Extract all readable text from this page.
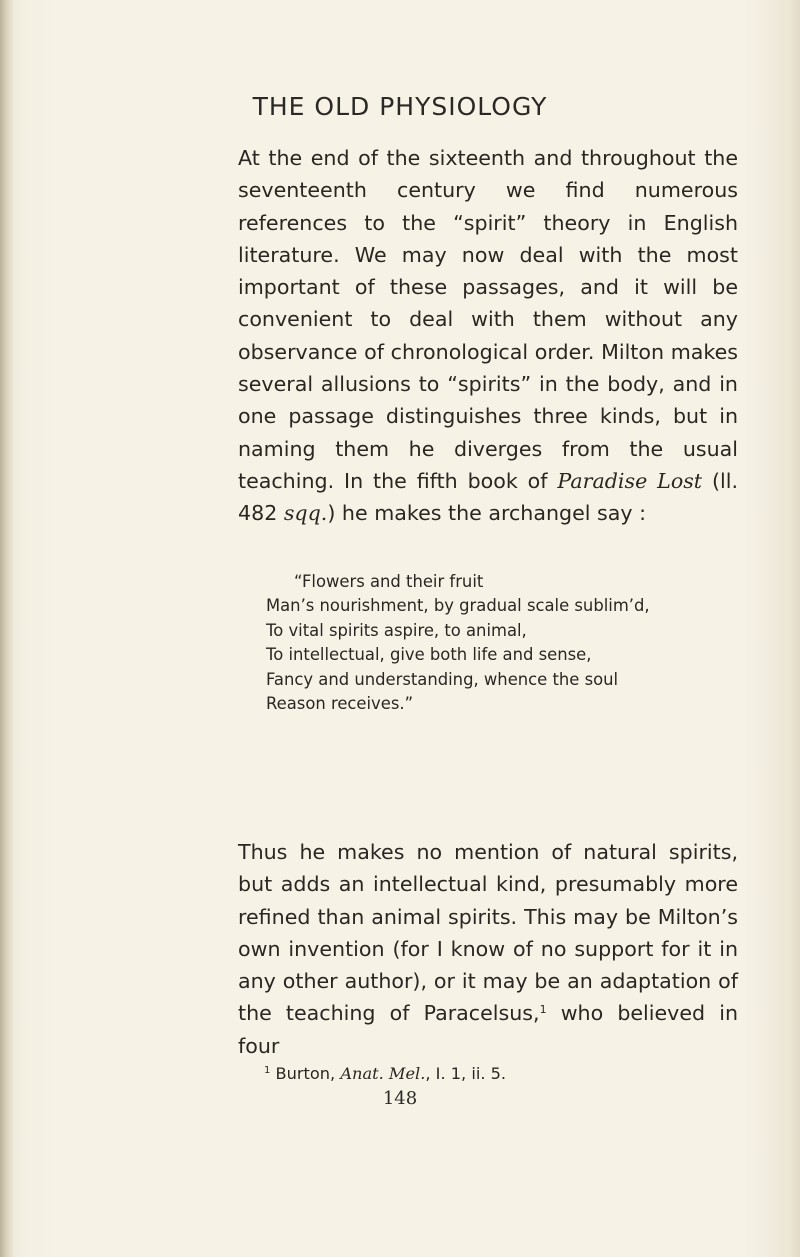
THE OLD PHYSIOLOGY

At the end of the sixteenth and throughout the seventeenth century we find numerous references to the “spirit” theory in English literature. We may now deal with the most important of these passages, and it will be convenient to deal with them without any observance of chronological order. Milton makes several allusions to “spirits” in the body, and in one passage distinguishes three kinds, but in naming them he diverges from the usual teaching. In the fifth book of Paradise Lost (ll. 482 sqq.) he makes the archangel say :

“Flowers and their fruit
Man’s nourishment, by gradual scale sublim’d,
To vital spirits aspire, to animal,
To intellectual, give both life and sense,
Fancy and understanding, whence the soul
Reason receives.”

Thus he makes no mention of natural spirits, but adds an intellectual kind, presumably more refined than animal spirits. This may be Milton’s own invention (for I know of no support for it in any other author), or it may be an adaptation of the teaching of Paracelsus,$^1$ who believed in four

$^1$ Burton, Anat. Mel., I. 1, ii. 5.

148
